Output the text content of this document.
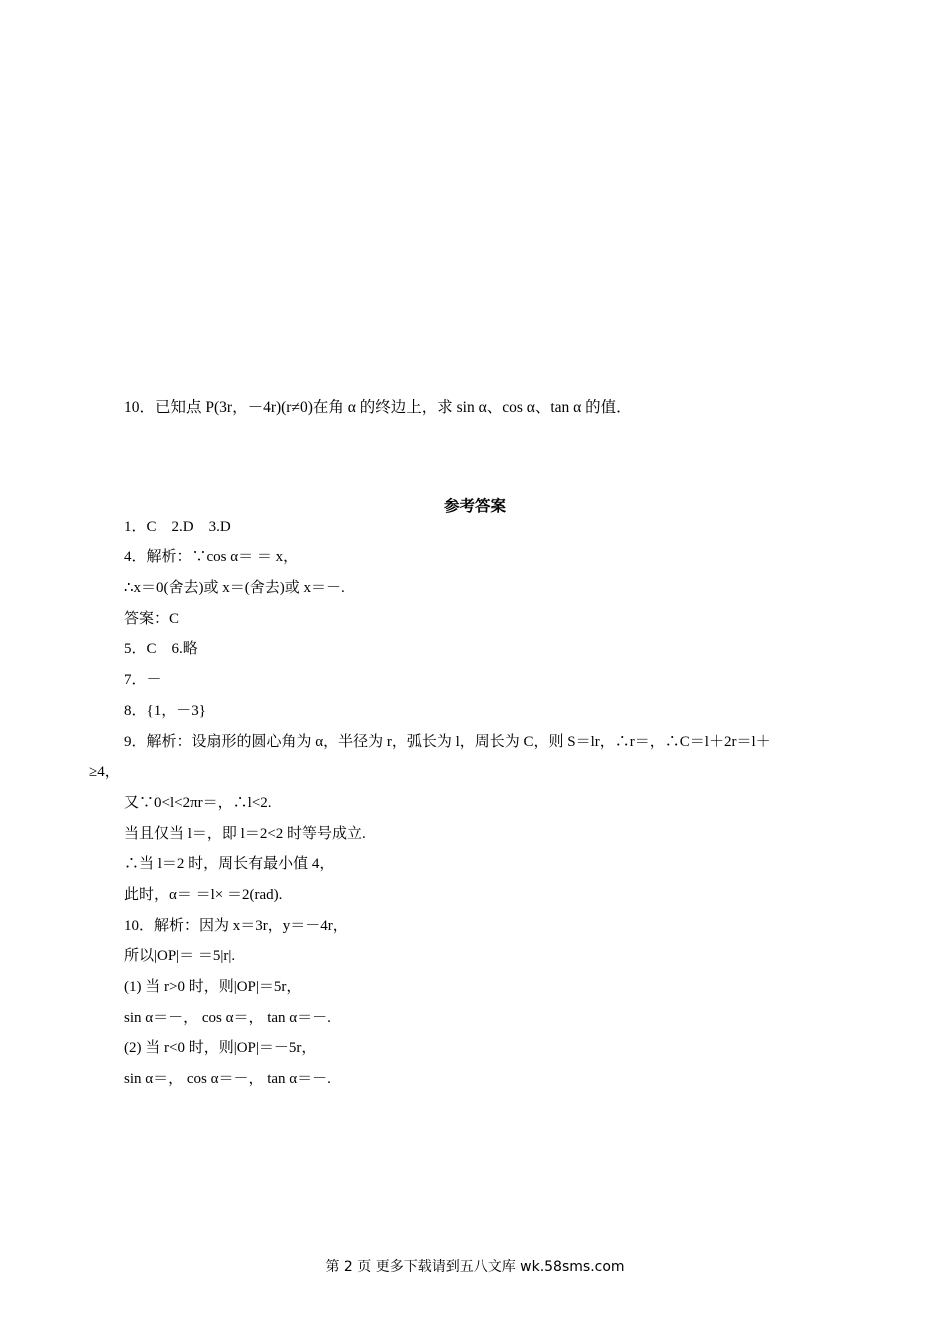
10．已知点 P(3r，－4r)(r≠0)在角 α 的终边上，求 sin α、cos α、tan α 的值．
参考答案
1．C　2.D　3.D
4．解析：∵cos α＝ ＝ x，
∴x＝0(舍去)或 x＝(舍去)或 x＝－.
答案：C
5．C　6.略
7．－
8．{1，－3}
9．解析：设扇形的圆心角为 α，半径为 r，弧长为 l，周长为 C，则 S＝lr，∴r＝，∴C＝l＋2r＝l＋
≥4，
又∵0<l<2πr＝，∴l<2.
当且仅当 l＝，即 l＝2<2 时等号成立.
∴当 l＝2 时，周长有最小值 4，
此时，α＝ ＝l× ＝2(rad).
10．解析：因为 x＝3r，y＝－4r，
所以|OP|＝ ＝5|r|.
(1) 当 r>0 时，则|OP|＝5r，
sin α＝－， cos α＝， tan α＝－.
(2) 当 r<0 时，则|OP|＝－5r，
sin α＝， cos α＝－， tan α＝－.
第 2 页 更多下载请到五八文库 wk.58sms.com
